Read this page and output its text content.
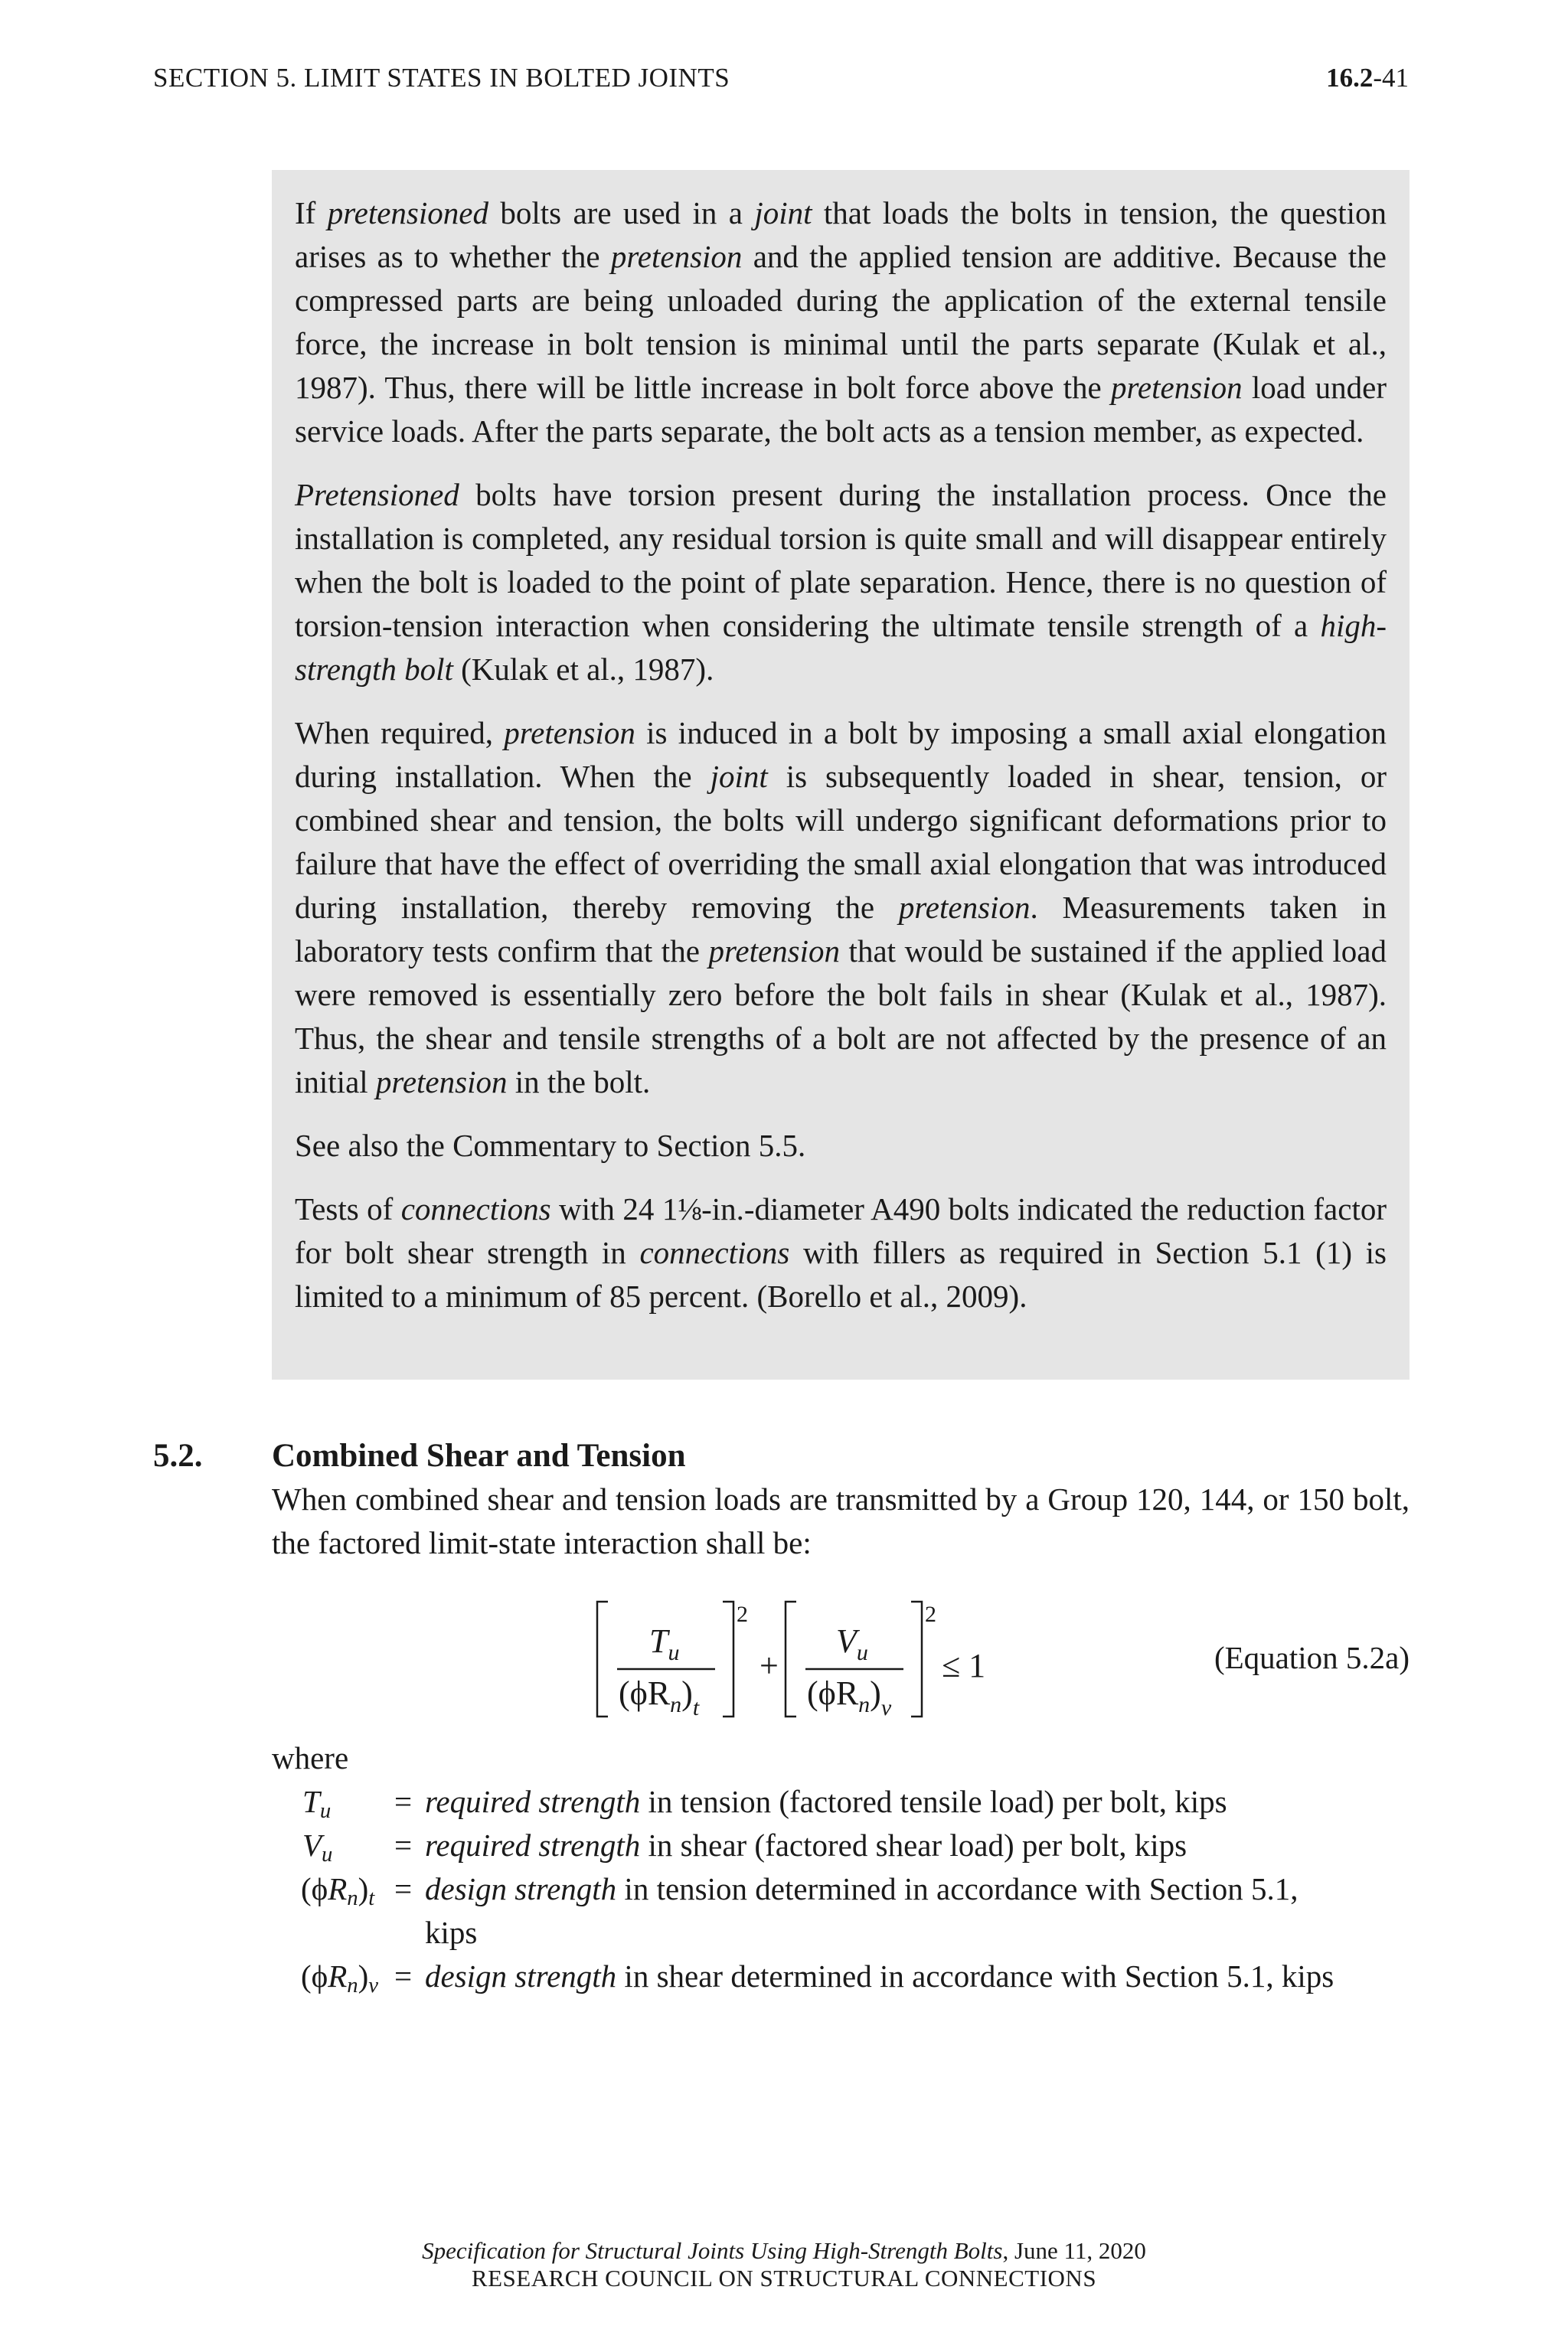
SECTION 5. LIMIT STATES IN BOLTED JOINTS	16.2-41

If pretensioned bolts are used in a joint that loads the bolts in tension, the question arises as to whether the pretension and the applied tension are additive. Because the compressed parts are being unloaded during the application of the external tensile force, the increase in bolt tension is minimal until the parts separate (Kulak et al., 1987). Thus, there will be little increase in bolt force above the pretension load under service loads. After the parts separate, the bolt acts as a tension member, as expected.

Pretensioned bolts have torsion present during the installation process. Once the installation is completed, any residual torsion is quite small and will disappear entirely when the bolt is loaded to the point of plate separation. Hence, there is no question of torsion-tension interaction when considering the ultimate tensile strength of a high-strength bolt (Kulak et al., 1987).

When required, pretension is induced in a bolt by imposing a small axial elongation during installation. When the joint is subsequently loaded in shear, tension, or combined shear and tension, the bolts will undergo significant deformations prior to failure that have the effect of overriding the small axial elongation that was introduced during installation, thereby removing the pretension. Measurements taken in laboratory tests confirm that the pretension that would be sustained if the applied load were removed is essentially zero before the bolt fails in shear (Kulak et al., 1987). Thus, the shear and tensile strengths of a bolt are not affected by the presence of an initial pretension in the bolt.

See also the Commentary to Section 5.5.

Tests of connections with 24 1⅛-in.-diameter A490 bolts indicated the reduction factor for bolt shear strength in connections with fillers as required in Section 5.1 (1) is limited to a minimum of 85 percent. (Borello et al., 2009).

5.2. Combined Shear and Tension

When combined shear and tension loads are transmitted by a Group 120, 144, or 150 bolt, the factored limit-state interaction shall be:

2
$T_u$
$(\phi R_n)_t$
+
2
$V_u$
$(\phi R_n)_v$
≤ 1	(Equation 5.2a)
where
$T_u$ = required strength in tension (factored tensile load) per bolt, kips
$V_u$ = required strength in shear (factored shear load) per bolt, kips
$(\phi R_n)_t$ = design strength in tension determined in accordance with Section 5.1,
kips
$(\phi R_n)_v$ = design strength in shear determined in accordance with Section 5.1, kips
Specification for Structural Joints Using High-Strength Bolts, June 11, 2020
RESEARCH COUNCIL ON STRUCTURAL CONNECTIONS
